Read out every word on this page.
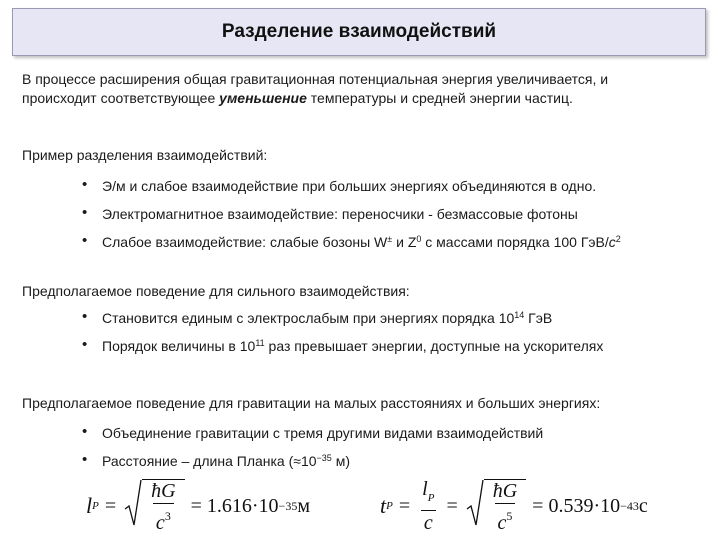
Разделение взаимодействий
В процессе расширения общая гравитационная потенциальная энергия увеличивается, и
происходит соответствующее уменьшение температуры и средней энергии частиц.
Пример разделения взаимодействий:
• Э/м и слабое взаимодействие при больших энергиях объединяются в одно.
• Электромагнитное взаимодействие: переносчики - безмассовые фотоны
• Слабое взаимодействие: слабые бозоны W± и $Z^0$ с массами порядка 100 ГэВ/$c^2$
Предполагаемое поведение для сильного взаимодействия:
• Становится единым с электрослабым при энергиях порядка $10^{14}$ ГэВ
• Порядок величины в $10^{11}$ раз превышает энергии, доступные на ускорителях
Предполагаемое поведение для гравитации на малых расстояниях и больших энергиях:
• Объединение гравитации с тремя другими видами взаимодействий
• Расстояние – длина Планка ($\approx 10^{-35}$ м)
l $P = \frac{ħG}{c^3} = 1.616\cdot 10 -35$ м	t $P = \frac{l_P}{c} = \frac{ħG}{c^5} = 0.539\cdot 10 -43$ с
